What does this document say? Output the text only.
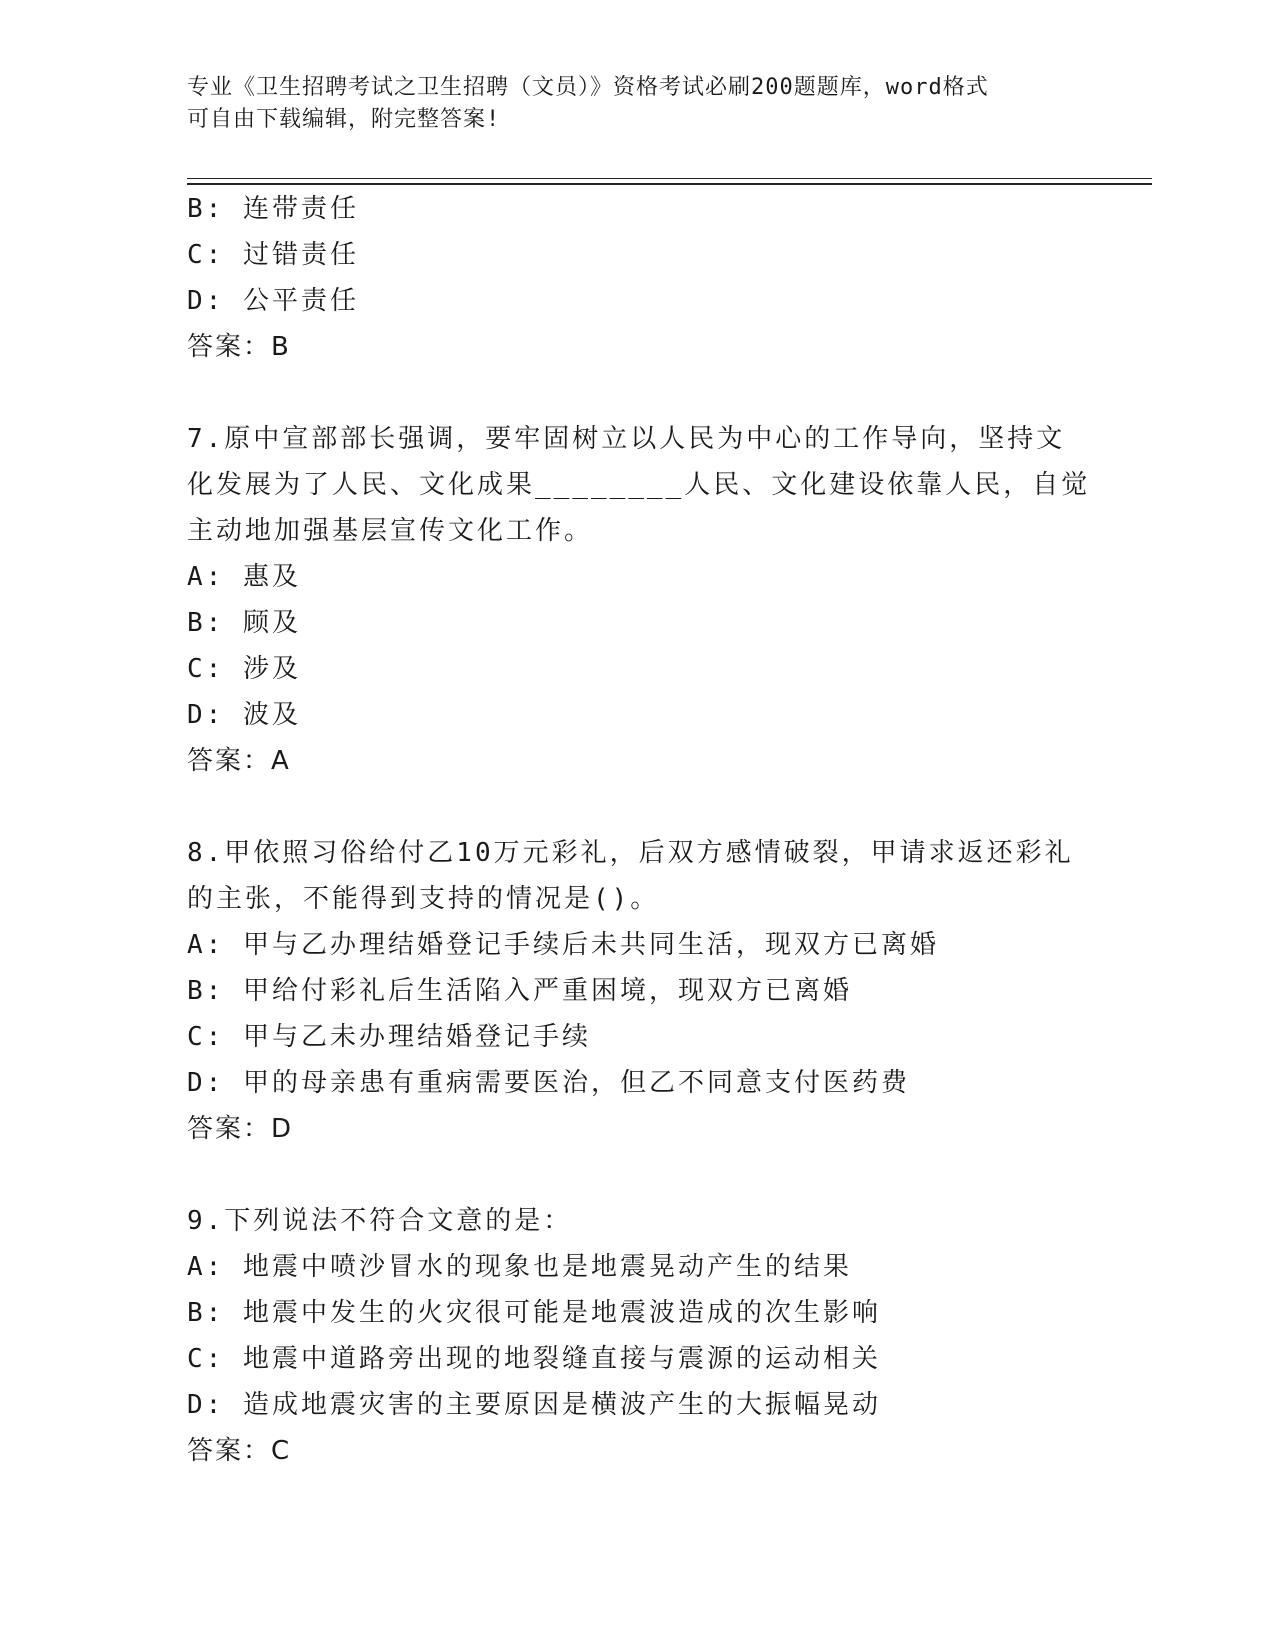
专业《卫生招聘考试之卫生招聘（文员）》资格考试必刷200题题库，word格式
可自由下载编辑，附完整答案!
B: 连带责任
C: 过错责任
D: 公平责任
答案：B
7.原中宣部部长强调，要牢固树立以人民为中心的工作导向，坚持文
化发展为了人民、文化成果________人民、文化建设依靠人民，自觉
主动地加强基层宣传文化工作。
A: 惠及
B: 顾及
C: 涉及
D: 波及
答案：A
8.甲依照习俗给付乙10万元彩礼，后双方感情破裂，甲请求返还彩礼
的主张，不能得到支持的情况是()。
A: 甲与乙办理结婚登记手续后未共同生活，现双方已离婚
B: 甲给付彩礼后生活陷入严重困境，现双方已离婚
C: 甲与乙未办理结婚登记手续
D: 甲的母亲患有重病需要医治，但乙不同意支付医药费
答案：D
9.下列说法不符合文意的是：
A: 地震中喷沙冒水的现象也是地震晃动产生的结果
B: 地震中发生的火灾很可能是地震波造成的次生影响
C: 地震中道路旁出现的地裂缝直接与震源的运动相关
D: 造成地震灾害的主要原因是横波产生的大振幅晃动
答案：C
